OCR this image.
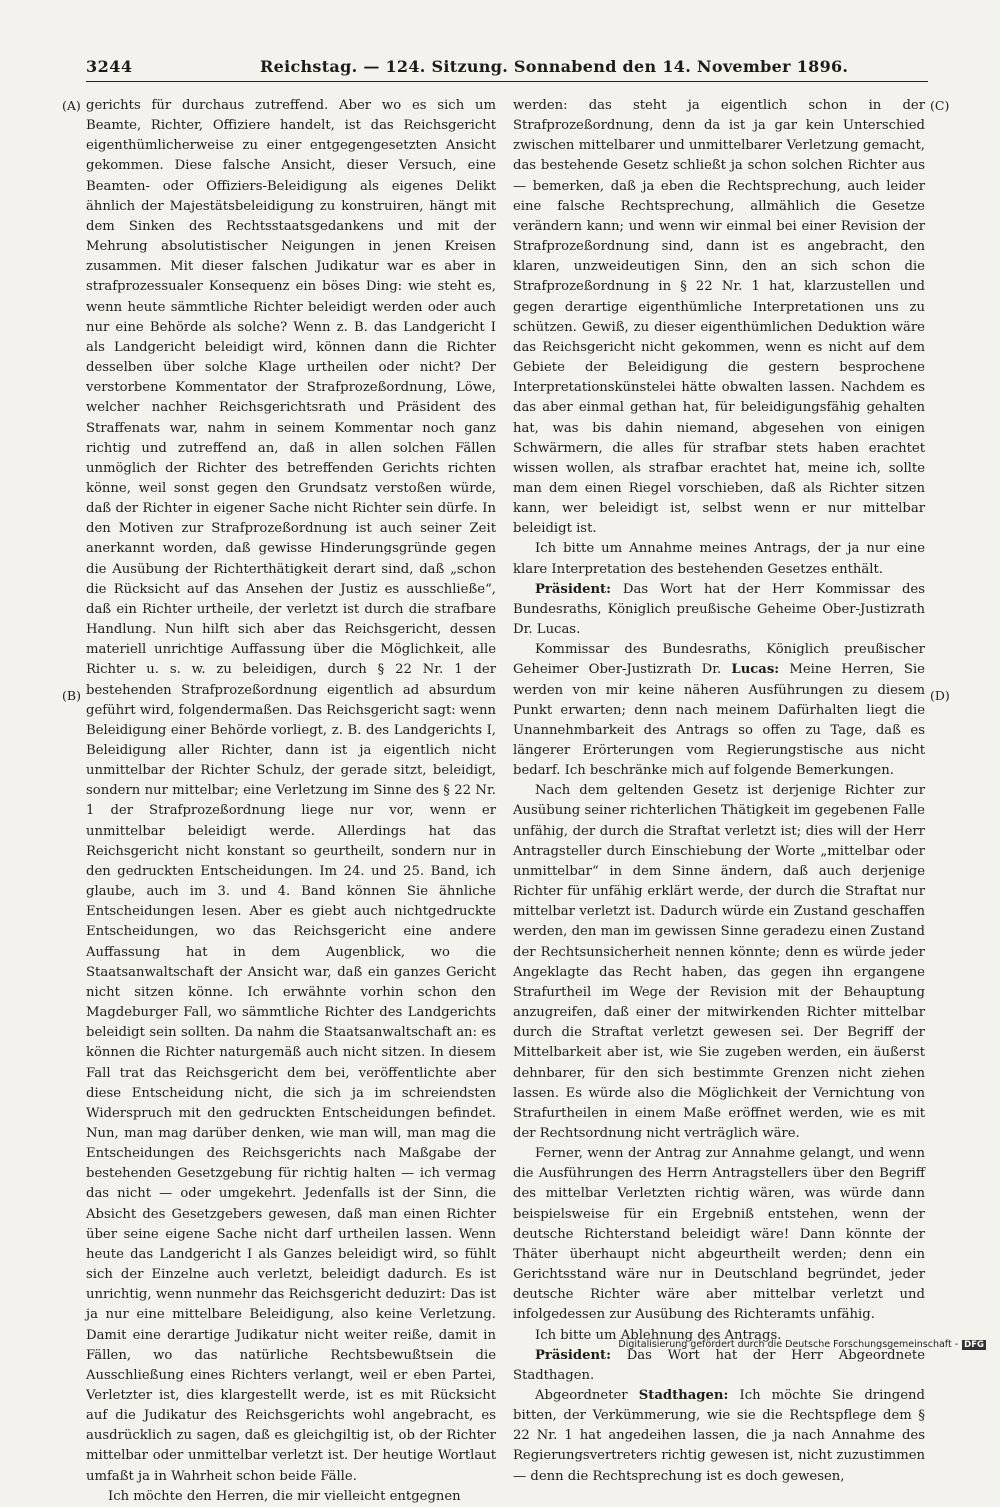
3244	Reichstag. — 124. Sitzung. Sonnabend den 14. November 1896.
(A)
(B)
(C)
(D)

gerichts für durchaus zutreffend. Aber wo es sich um Beamte, Richter, Offiziere handelt, ist das Reichsgericht eigenthümlicherweise zu einer entgegengesetzten Ansicht gekommen. Diese falsche Ansicht, dieser Versuch, eine Beamten- oder Offiziers-Beleidigung als eigenes Delikt ähnlich der Majestätsbeleidigung zu konstruiren, hängt mit dem Sinken des Rechtsstaatsgedankens und mit der Mehrung absolutistischer Neigungen in jenen Kreisen zusammen. Mit dieser falschen Judikatur war es aber in strafprozessualer Konsequenz ein böses Ding: wie steht es, wenn heute sämmtliche Richter beleidigt werden oder auch nur eine Behörde als solche? Wenn z. B. das Landgericht I als Landgericht beleidigt wird, können dann die Richter desselben über solche Klage urtheilen oder nicht? Der verstorbene Kommentator der Strafprozeßordnung, Löwe, welcher nachher Reichsgerichtsrath und Präsident des Straffenats war, nahm in seinem Kommentar noch ganz richtig und zutreffend an, daß in allen solchen Fällen unmöglich der Richter des betreffenden Gerichts richten könne, weil sonst gegen den Grundsatz verstoßen würde, daß der Richter in eigener Sache nicht Richter sein dürfe. In den Motiven zur Strafprozeßordnung ist auch seiner Zeit anerkannt worden, daß gewisse Hinderungsgründe gegen die Ausübung der Richterthätigkeit derart sind, daß „schon die Rücksicht auf das Ansehen der Justiz es ausschließe“, daß ein Richter urtheile, der verletzt ist durch die strafbare Handlung. Nun hilft sich aber das Reichsgericht, dessen materiell unrichtige Auffassung über die Möglichkeit, alle Richter u. s. w. zu beleidigen, durch § 22 Nr. 1 der bestehenden Strafprozeßordnung eigentlich ad absurdum geführt wird, folgendermaßen. Das Reichsgericht sagt: wenn Beleidigung einer Behörde vorliegt, z. B. des Landgerichts I, Beleidigung aller Richter, dann ist ja eigentlich nicht unmittelbar der Richter Schulz, der gerade sitzt, beleidigt, sondern nur mittelbar; eine Verletzung im Sinne des § 22 Nr. 1 der Strafprozeßordnung liege nur vor, wenn er unmittelbar beleidigt werde. Allerdings hat das Reichsgericht nicht konstant so geurtheilt, sondern nur in den gedruckten Entscheidungen. Im 24. und 25. Band, ich glaube, auch im 3. und 4. Band können Sie ähnliche Entscheidungen lesen. Aber es giebt auch nichtgedruckte Entscheidungen, wo das Reichsgericht eine andere Auffassung hat in dem Augenblick, wo die Staatsanwaltschaft der Ansicht war, daß ein ganzes Gericht nicht sitzen könne. Ich erwähnte vorhin schon den Magdeburger Fall, wo sämmtliche Richter des Landgerichts beleidigt sein sollten. Da nahm die Staatsanwaltschaft an: es können die Richter naturgemäß auch nicht sitzen. In diesem Fall trat das Reichsgericht dem bei, veröffentlichte aber diese Entscheidung nicht, die sich ja im schreiendsten Widerspruch mit den gedruckten Entscheidungen befindet. Nun, man mag darüber denken, wie man will, man mag die Entscheidungen des Reichsgerichts nach Maßgabe der bestehenden Gesetzgebung für richtig halten — ich vermag das nicht — oder umgekehrt. Jedenfalls ist der Sinn, die Absicht des Gesetzgebers gewesen, daß man einen Richter über seine eigene Sache nicht darf urtheilen lassen. Wenn heute das Landgericht I als Ganzes beleidigt wird, so fühlt sich der Einzelne auch verletzt, beleidigt dadurch. Es ist unrichtig, wenn nunmehr das Reichsgericht deduzirt: Das ist ja nur eine mittelbare Beleidigung, also keine Verletzung. Damit eine derartige Judikatur nicht weiter reiße, damit in Fällen, wo das natürliche Rechtsbewußtsein die Ausschließung eines Richters verlangt, weil er eben Partei, Verletzter ist, dies klargestellt werde, ist es mit Rücksicht auf die Judikatur des Reichsgerichts wohl angebracht, es ausdrücklich zu sagen, daß es gleichgiltig ist, ob der Richter mittelbar oder unmittelbar verletzt ist. Der heutige Wortlaut umfaßt ja in Wahrheit schon beide Fälle.

Ich möchte den Herren, die mir vielleicht entgegnen

werden: das steht ja eigentlich schon in der Strafprozeßordnung, denn da ist ja gar kein Unterschied zwischen mittelbarer und unmittelbarer Verletzung gemacht, das bestehende Gesetz schließt ja schon solchen Richter aus — bemerken, daß ja eben die Rechtsprechung, auch leider eine falsche Rechtsprechung, allmählich die Gesetze verändern kann; und wenn wir einmal bei einer Revision der Strafprozeßordnung sind, dann ist es angebracht, den klaren, unzweideutigen Sinn, den an sich schon die Strafprozeßordnung in § 22 Nr. 1 hat, klarzustellen und gegen derartige eigenthümliche Interpretationen uns zu schützen. Gewiß, zu dieser eigenthümlichen Deduktion wäre das Reichsgericht nicht gekommen, wenn es nicht auf dem Gebiete der Beleidigung die gestern besprochene Interpretationskünstelei hätte obwalten lassen. Nachdem es das aber einmal gethan hat, für beleidigungsfähig gehalten hat, was bis dahin niemand, abgesehen von einigen Schwärmern, die alles für strafbar stets haben erachtet wissen wollen, als strafbar erachtet hat, meine ich, sollte man dem einen Riegel vorschieben, daß als Richter sitzen kann, wer beleidigt ist, selbst wenn er nur mittelbar beleidigt ist.

Ich bitte um Annahme meines Antrags, der ja nur eine klare Interpretation des bestehenden Gesetzes enthält.

Präsident: Das Wort hat der Herr Kommissar des Bundesraths, Königlich preußische Geheime Ober-Justizrath Dr. Lucas.

Kommissar des Bundesraths, Königlich preußischer Geheimer Ober-Justizrath Dr. Lucas: Meine Herren, Sie werden von mir keine näheren Ausführungen zu diesem Punkt erwarten; denn nach meinem Dafürhalten liegt die Unannehmbarkeit des Antrags so offen zu Tage, daß es längerer Erörterungen vom Regierungstische aus nicht bedarf. Ich beschränke mich auf folgende Bemerkungen.

Nach dem geltenden Gesetz ist derjenige Richter zur Ausübung seiner richterlichen Thätigkeit im gegebenen Falle unfähig, der durch die Straftat verletzt ist; dies will der Herr Antragsteller durch Einschiebung der Worte „mittelbar oder unmittelbar“ in dem Sinne ändern, daß auch derjenige Richter für unfähig erklärt werde, der durch die Straftat nur mittelbar verletzt ist. Dadurch würde ein Zustand geschaffen werden, den man im gewissen Sinne geradezu einen Zustand der Rechtsunsicherheit nennen könnte; denn es würde jeder Angeklagte das Recht haben, das gegen ihn ergangene Strafurtheil im Wege der Revision mit der Behauptung anzugreifen, daß einer der mitwirkenden Richter mittelbar durch die Straftat verletzt gewesen sei. Der Begriff der Mittelbarkeit aber ist, wie Sie zugeben werden, ein äußerst dehnbarer, für den sich bestimmte Grenzen nicht ziehen lassen. Es würde also die Möglichkeit der Vernichtung von Strafurtheilen in einem Maße eröffnet werden, wie es mit der Rechtsordnung nicht verträglich wäre.

Ferner, wenn der Antrag zur Annahme gelangt, und wenn die Ausführungen des Herrn Antragstellers über den Begriff des mittelbar Verletzten richtig wären, was würde dann beispielsweise für ein Ergebniß entstehen, wenn der deutsche Richterstand beleidigt wäre! Dann könnte der Thäter überhaupt nicht abgeurtheilt werden; denn ein Gerichtsstand wäre nur in Deutschland begründet, jeder deutsche Richter wäre aber mittelbar verletzt und infolgedessen zur Ausübung des Richteramts unfähig.

Ich bitte um Ablehnung des Antrags.

Präsident: Das Wort hat der Herr Abgeordnete Stadthagen.

Abgeordneter Stadthagen: Ich möchte Sie dringend bitten, der Verkümmerung, wie sie die Rechtspflege dem § 22 Nr. 1 hat angedeihen lassen, die ja nach Annahme des Regierungsvertreters richtig gewesen ist, nicht zuzustimmen — denn die Rechtsprechung ist es doch gewesen,

Digitalisierung gefördert durch die Deutsche Forschungsgemeinschaft - DFG
